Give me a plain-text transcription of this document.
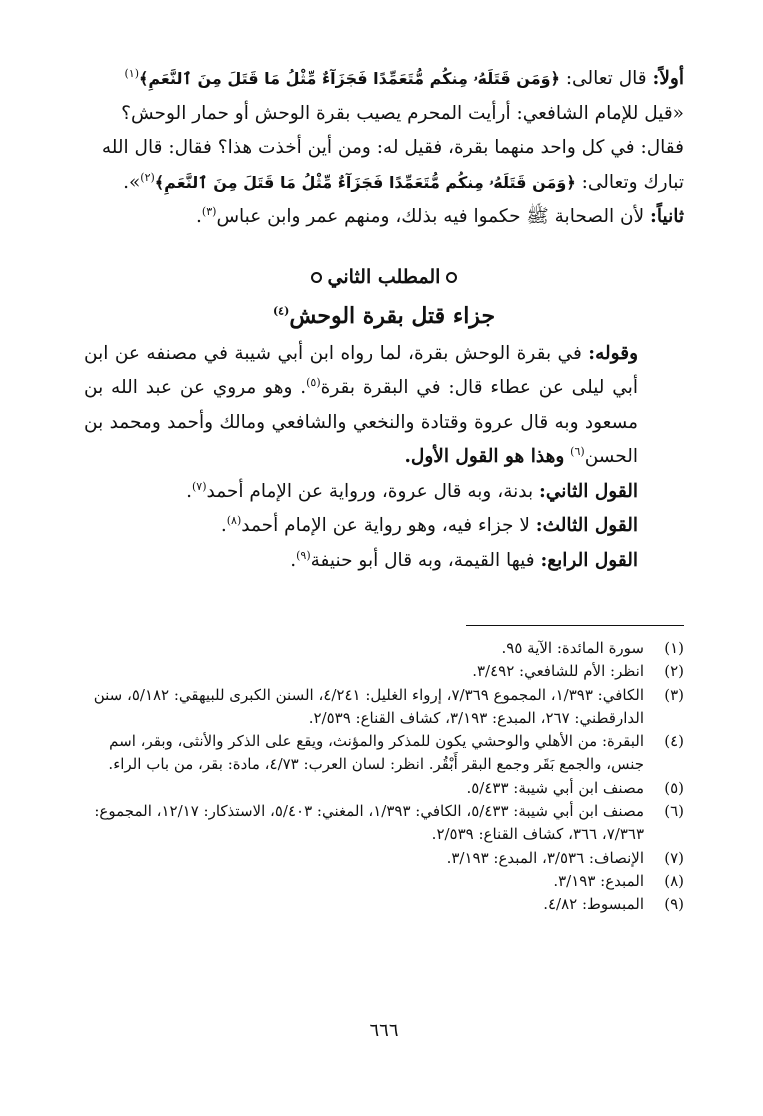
أولاً: قال تعالى: ﴿وَمَن قَتَلَهُۥ مِنكُم مُّتَعَمِّدًا فَجَزَآءٌ مِّثْلُ مَا قَتَلَ مِنَ ٱلنَّعَمِ﴾$^{(١)}$

«قيل للإمام الشافعي: أرأيت المحرم يصيب بقرة الوحش أو حمار الوحش؟

فقال: في كل واحد منهما بقرة، فقيل له: ومن أين أخذت هذا؟ فقال: قال الله

تبارك وتعالى: ﴿وَمَن قَتَلَهُۥ مِنكُم مُّتَعَمِّدًا فَجَزَآءٌ مِّثْلُ مَا قَتَلَ مِنَ ٱلنَّعَمِ﴾$^{(٢)}$».

ثانياً: لأن الصحابة ﷺ حكموا فيه بذلك، ومنهم عمر وابن عباس$^{(٣)}$.

المطلب الثاني
جزاء قتل بقرة الوحش$^{(٤)}$

وقوله: في بقرة الوحش بقرة، لما رواه ابن أبي شيبة في مصنفه عن ابن أبي ليلى عن عطاء قال: في البقرة بقرة$^{(٥)}$. وهو مروي عن عبد الله بن مسعود وبه قال عروة وقتادة والنخعي والشافعي ومالك وأحمد ومحمد بن الحسن$^{(٦)}$ وهذا هو القول الأول.

القول الثاني: بدنة، وبه قال عروة، ورواية عن الإمام أحمد$^{(٧)}$.

القول الثالث: لا جزاء فيه، وهو رواية عن الإمام أحمد$^{(٨)}$.

القول الرابع: فيها القيمة، وبه قال أبو حنيفة$^{(٩)}$.

(١)
سورة المائدة: الآية ٩٥.
(٢)
انظر: الأم للشافعي: ٣/٤٩٢.
(٣)
الكافي: ١/٣٩٣، المجموع ٧/٣٦٩، إرواء الغليل: ٤/٢٤١، السنن الكبرى للبيهقي: ٥/١٨٢، سنن الدارقطني: ٢٦٧، المبدع: ٣/١٩٣، كشاف القناع: ٢/٥٣٩.
(٤)
البقرة: من الأهلي والوحشي يكون للمذكر والمؤنث، ويقع على الذكر والأنثى، وبقر، اسم جنس، والجمع بَقَر وجمع البقر أَبْقُر. انظر: لسان العرب: ٤/٧٣، مادة: بقر، من باب الراء.
(٥)
مصنف ابن أبي شيبة: ٥/٤٣٣.
(٦)
مصنف ابن أبي شيبة: ٥/٤٣٣، الكافي: ١/٣٩٣، المغني: ٥/٤٠٣، الاستذكار: ١٢/١٧، المجموع: ٧/٣٦٣، ٣٦٦، كشاف القناع: ٢/٥٣٩.
(٧)
الإنصاف: ٣/٥٣٦، المبدع: ٣/١٩٣.
(٨)
المبدع: ٣/١٩٣.
(٩)
المبسوط: ٤/٨٢.
٦٦٦
